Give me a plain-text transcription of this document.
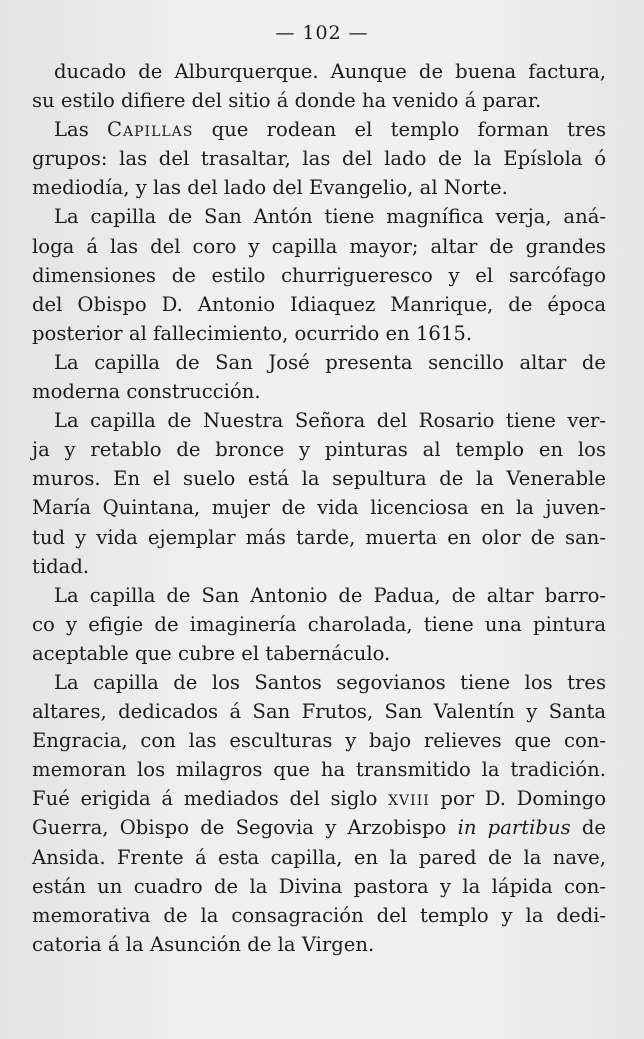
— 102 —
ducado de Alburquerque. Aunque de buena factura,
su estilo difiere del sitio á donde ha venido á parar.
Las Capillas que rodean el templo forman tres
grupos: las del trasaltar, las del lado de la Epíslola ó
mediodía, y las del lado del Evangelio, al Norte.
La capilla de San Antón tiene magnífica verja, aná-
loga á las del coro y capilla mayor; altar de grandes
dimensiones de estilo churrigueresco y el sarcófago
del Obispo D. Antonio Idiaquez Manrique, de época
posterior al fallecimiento, ocurrido en 1615.
La capilla de San José presenta sencillo altar de
moderna construcción.
La capilla de Nuestra Señora del Rosario tiene ver-
ja y retablo de bronce y pinturas al templo en los
muros. En el suelo está la sepultura de la Venerable
María Quintana, mujer de vida licenciosa en la juven-
tud y vida ejemplar más tarde, muerta en olor de san-
tidad.
La capilla de San Antonio de Padua, de altar barro-
co y efigie de imaginería charolada, tiene una pintura
aceptable que cubre el tabernáculo.
La capilla de los Santos segovianos tiene los tres
altares, dedicados á San Frutos, San Valentín y Santa
Engracia, con las esculturas y bajo relieves que con-
memoran los milagros que ha transmitido la tradición.
Fué erigida á mediados del siglo xviii por D. Domingo
Guerra, Obispo de Segovia y Arzobispo in partibus de
Ansida. Frente á esta capilla, en la pared de la nave,
están un cuadro de la Divina pastora y la lápida con-
memorativa de la consagración del templo y la dedi-
catoria á la Asunción de la Virgen.
